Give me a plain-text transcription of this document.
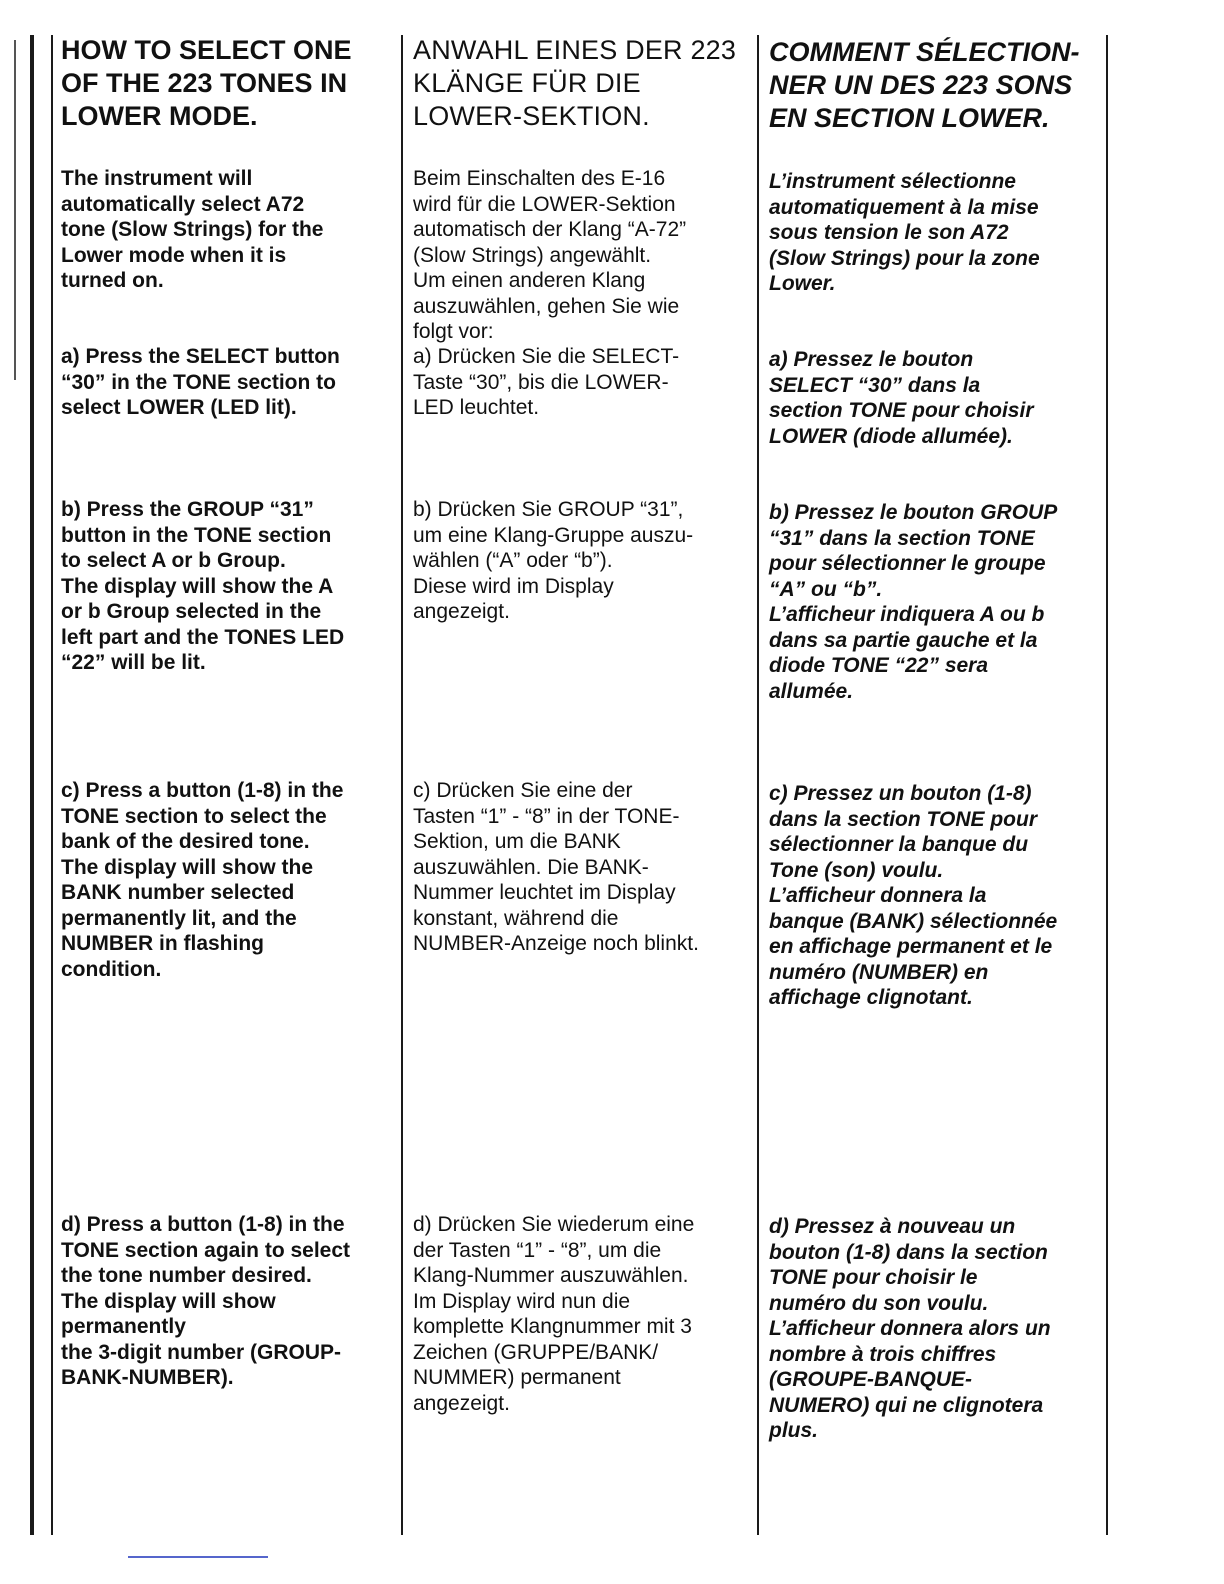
HOW TO SELECT ONE
OF THE 223 TONES IN
LOWER MODE.

The instrument will
automatically select A72
tone (Slow Strings) for the
Lower mode when it is
turned on.

a) Press the SELECT button
“30” in the TONE section to
select LOWER (LED lit).

b) Press the GROUP “31”
button in the TONE section
to select A or b Group.
The display will show the A
or b Group selected in the
left part and the TONES LED
“22” will be lit.

c) Press a button (1-8) in the
TONE section to select the
bank of the desired tone.
The display will show the
BANK number selected
permanently lit, and the
NUMBER in flashing
condition.

d) Press a button (1-8) in the
TONE section again to select
the tone number desired.
The display will show
permanently
the 3-digit number (GROUP-
BANK-NUMBER).

ANWAHL EINES DER 223
KLÄNGE FÜR DIE
LOWER-SEKTION.

Beim Einschalten des E-16
wird für die LOWER-Sektion
automatisch der Klang “A-72”
(Slow Strings) angewählt.
Um einen anderen Klang
auszuwählen, gehen Sie wie
folgt vor:

a) Drücken Sie die SELECT-
Taste “30”, bis die LOWER-
LED leuchtet.

b) Drücken Sie GROUP “31”,
um eine Klang-Gruppe auszu-
wählen (“A” oder “b”).
Diese wird im Display
angezeigt.

c) Drücken Sie eine der
Tasten “1” - “8” in der TONE-
Sektion, um die BANK
auszuwählen. Die BANK-
Nummer leuchtet im Display
konstant, während die
NUMBER-Anzeige noch blinkt.

d) Drücken Sie wiederum eine
der Tasten “1” - “8”, um die
Klang-Nummer auszuwählen.
Im Display wird nun die
komplette Klangnummer mit 3
Zeichen (GRUPPE/BANK/
NUMMER) permanent
angezeigt.

COMMENT SÉLECTION-
NER UN DES 223 SONS
EN SECTION LOWER.

L’instrument sélectionne
automatiquement à la mise
sous tension le son A72
(Slow Strings) pour la zone
Lower.

a) Pressez le bouton
SELECT “30” dans la
section TONE pour choisir
LOWER (diode allumée).

b) Pressez le bouton GROUP
“31” dans la section TONE
pour sélectionner le groupe
“A” ou “b”.
L’afficheur indiquera A ou b
dans sa partie gauche et la
diode TONE “22” sera
allumée.

c) Pressez un bouton (1-8)
dans la section TONE pour
sélectionner la banque du
Tone (son) voulu.
L’afficheur donnera la
banque (BANK) sélectionnée
en affichage permanent et le
numéro (NUMBER) en
affichage clignotant.

d) Pressez à nouveau un
bouton (1-8) dans la section
TONE pour choisir le
numéro du son voulu.
L’afficheur donnera alors un
nombre à trois chiffres
(GROUPE-BANQUE-
NUMERO) qui ne clignotera
plus.
